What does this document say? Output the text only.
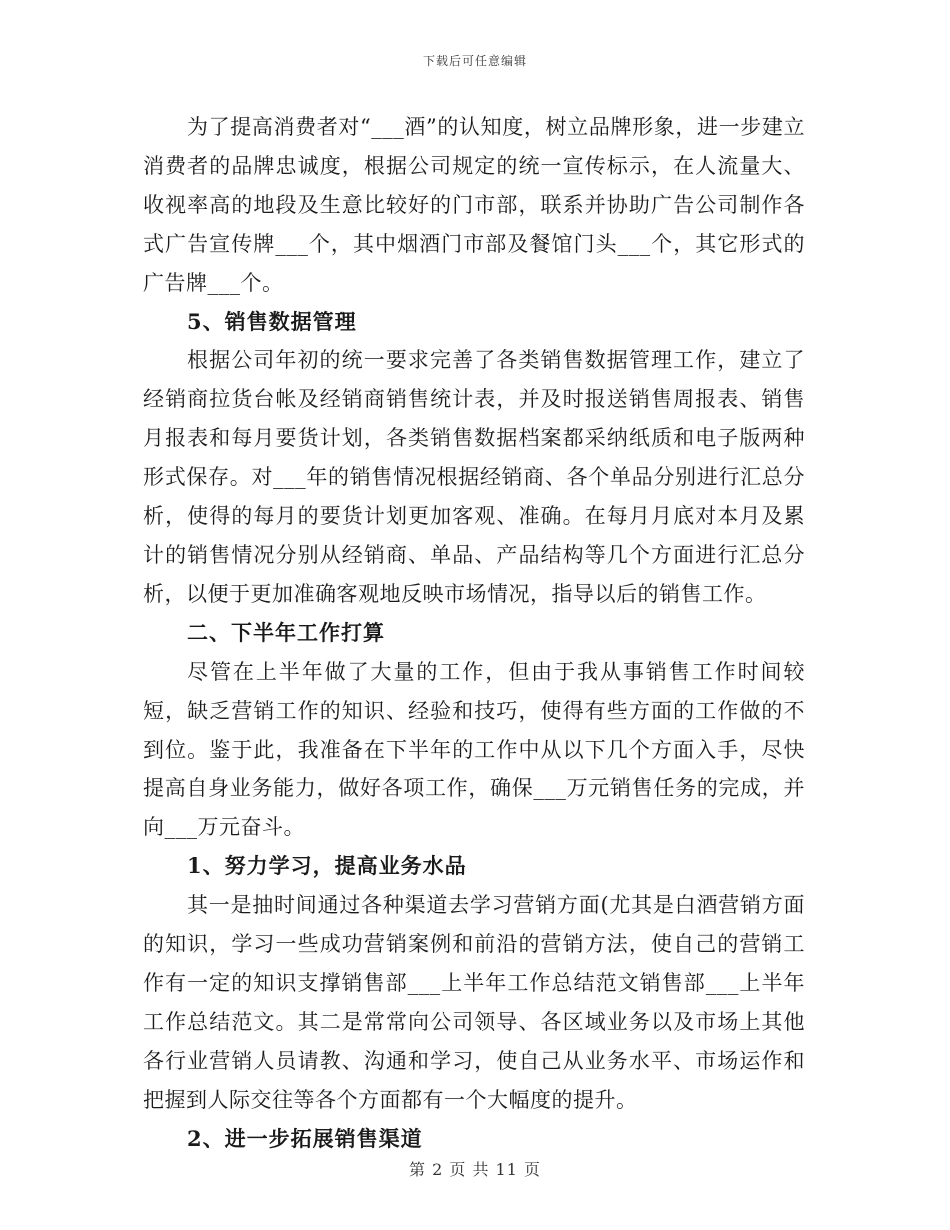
下载后可任意编辑

为了提高消费者对“___酒”的认知度，树立品牌形象，进一步建立消费者的品牌忠诚度，根据公司规定的统一宣传标示，在人流量大、收视率高的地段及生意比较好的门市部，联系并协助广告公司制作各式广告宣传牌___个，其中烟酒门市部及餐馆门头___个，其它形式的广告牌___个。

5、销售数据管理

根据公司年初的统一要求完善了各类销售数据管理工作，建立了经销商拉货台帐及经销商销售统计表，并及时报送销售周报表、销售月报表和每月要货计划，各类销售数据档案都采纳纸质和电子版两种形式保存。对___年的销售情况根据经销商、各个单品分别进行汇总分析，使得的每月的要货计划更加客观、准确。在每月月底对本月及累计的销售情况分别从经销商、单品、产品结构等几个方面进行汇总分析，以便于更加准确客观地反映市场情况，指导以后的销售工作。

二、下半年工作打算

尽管在上半年做了大量的工作，但由于我从事销售工作时间较短，缺乏营销工作的知识、经验和技巧，使得有些方面的工作做的不到位。鉴于此，我准备在下半年的工作中从以下几个方面入手，尽快提高自身业务能力，做好各项工作，确保___万元销售任务的完成，并向___万元奋斗。

1、努力学习，提高业务水品

其一是抽时间通过各种渠道去学习营销方面(尤其是白酒营销方面的知识，学习一些成功营销案例和前沿的营销方法，使自己的营销工作有一定的知识支撑销售部___上半年工作总结范文销售部___上半年工作总结范文。其二是常常向公司领导、各区域业务以及市场上其他各行业营销人员请教、沟通和学习，使自己从业务水平、市场运作和把握到人际交往等各个方面都有一个大幅度的提升。

2、进一步拓展销售渠道

第 2 页 共 11 页
